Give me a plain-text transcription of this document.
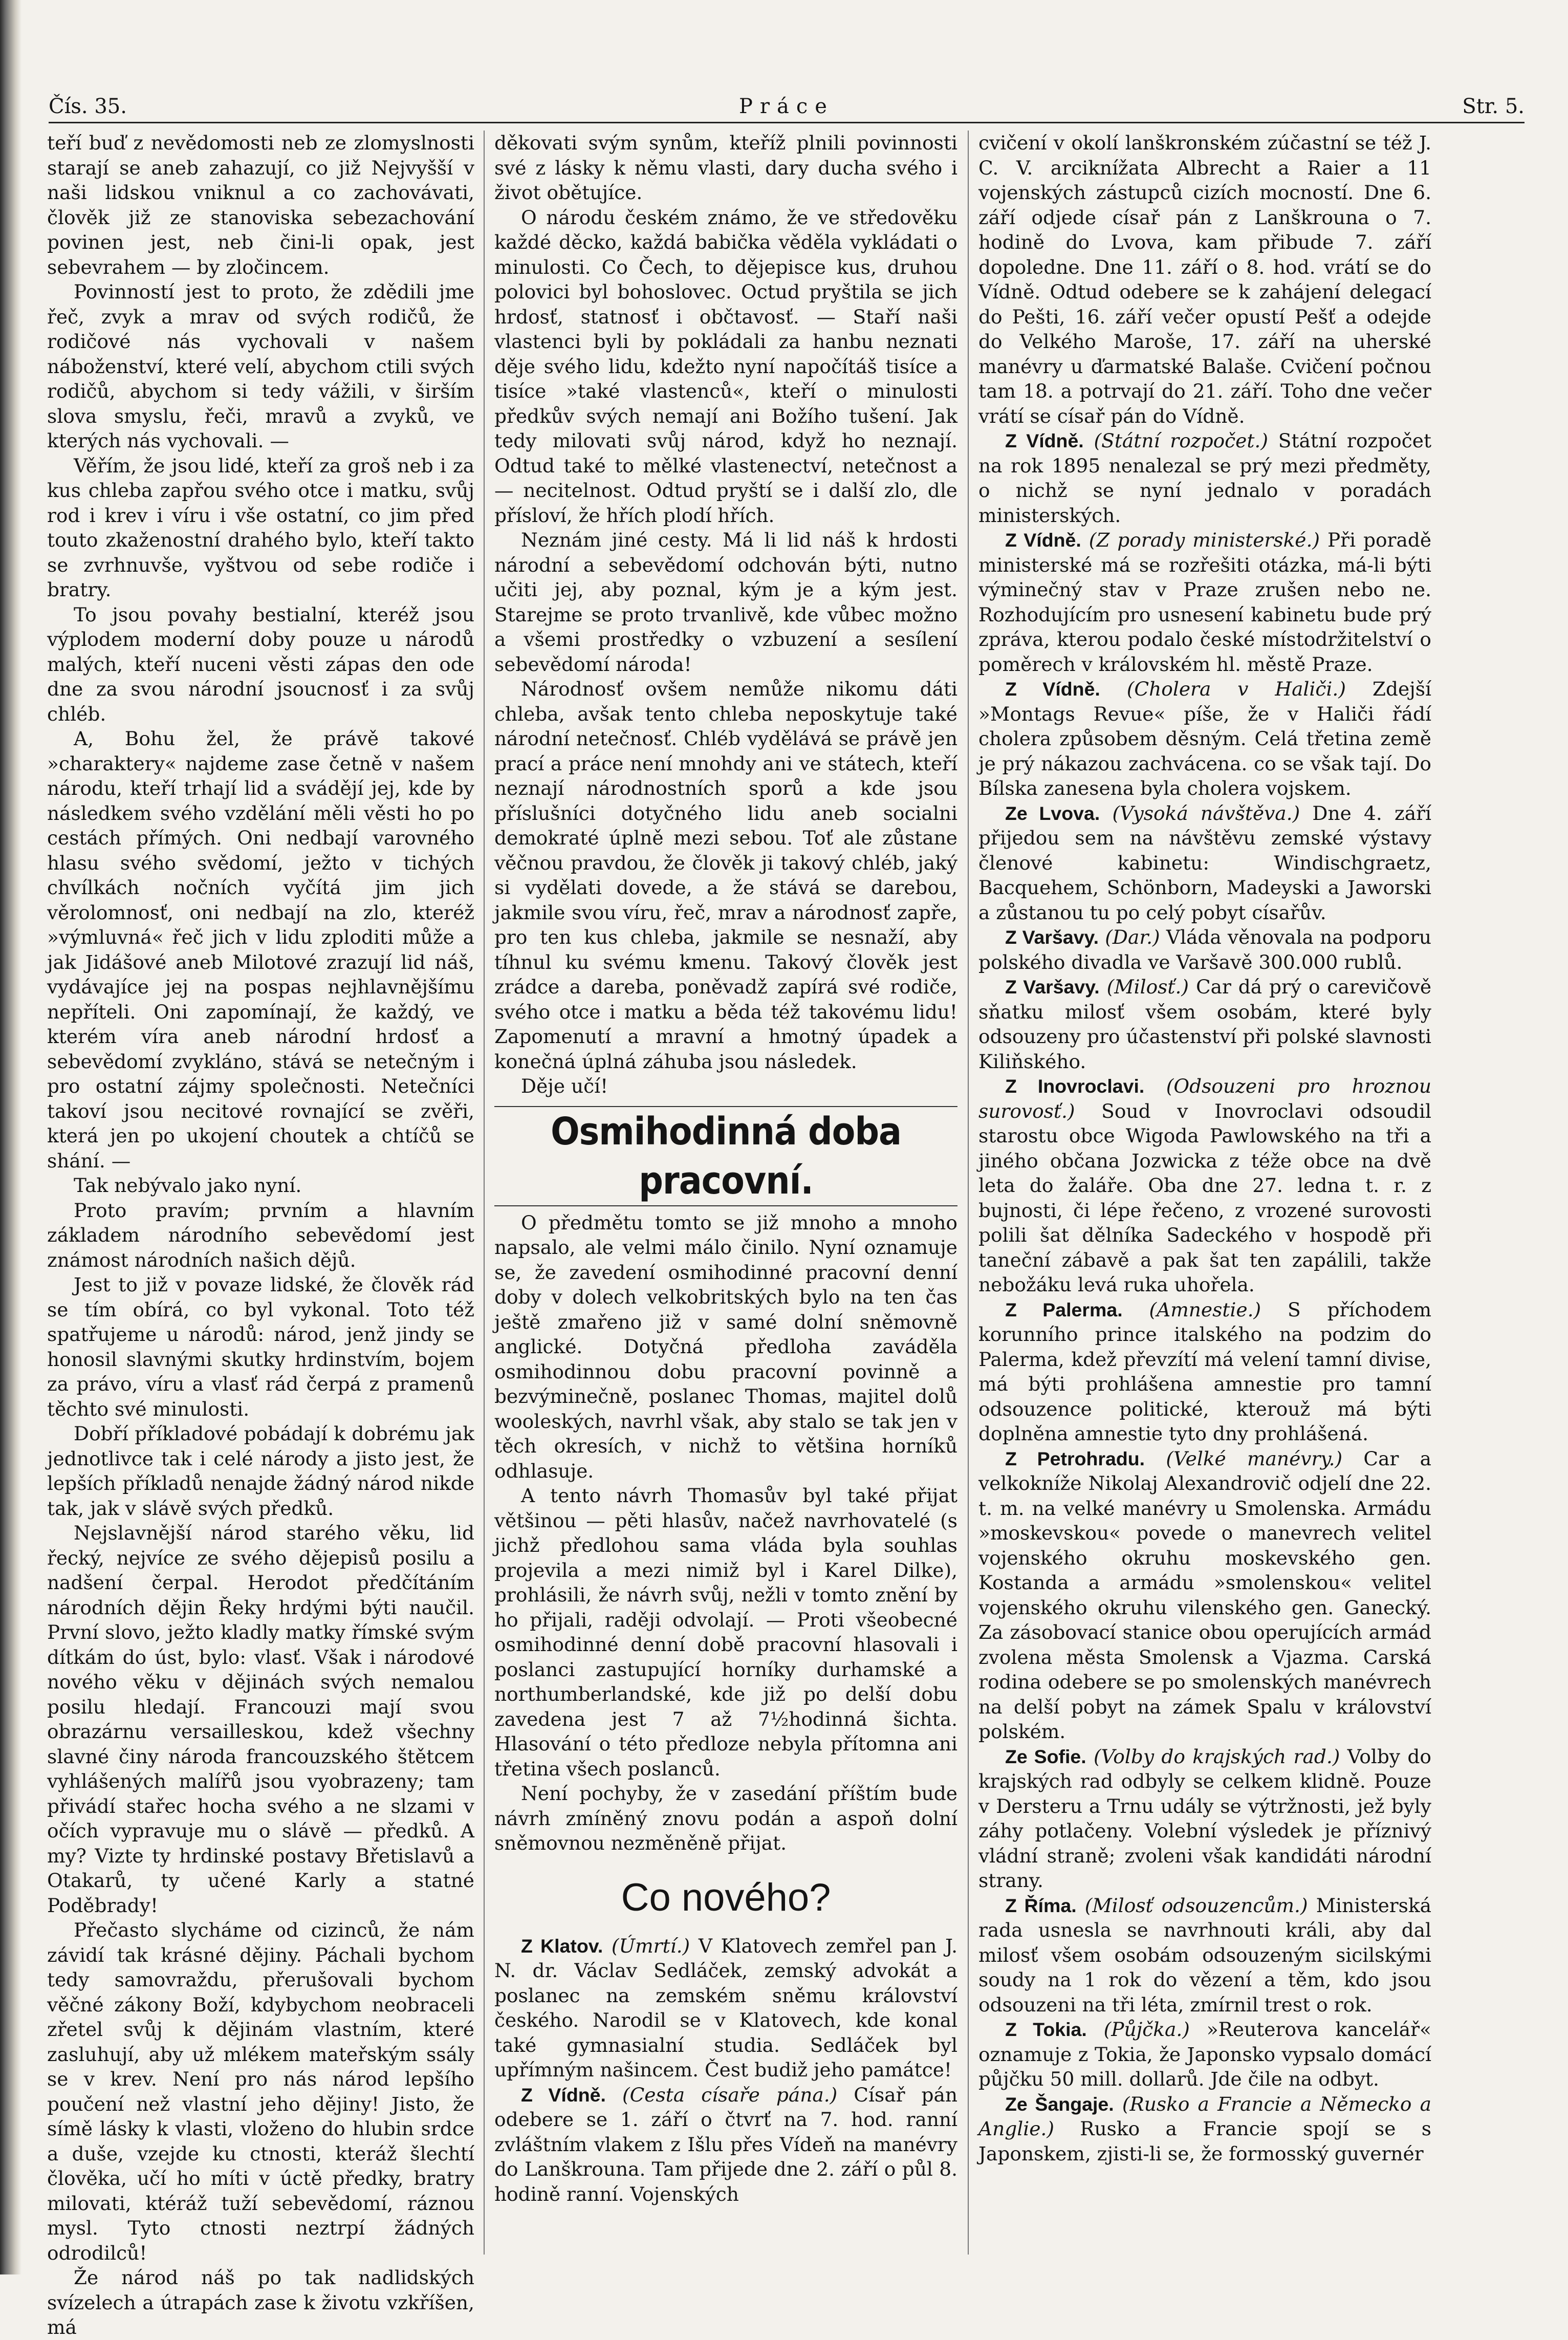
Čís. 35.	Práce	Str. 5.

teří buď z nevědomosti neb ze zlomyslnosti starají se aneb zahazují, co již Nejvyšší v naši lidskou vniknul a co zachovávati, člověk již ze stanoviska sebezachování povinen jest, neb čini-li opak, jest sebevrahem — by zločincem.

Povinností jest to proto, že zdědili jme řeč, zvyk a mrav od svých rodičů, že rodičové nás vychovali v našem náboženství, které velí, abychom ctili svých rodičů, abychom si tedy vážili, v širším slova smyslu, řeči, mravů a zvyků, ve kterých nás vychovali. —

Věřím, že jsou lidé, kteří za groš neb i za kus chleba zapřou svého otce i matku, svůj rod i krev i víru i vše ostatní, co jim před touto zkaženostní drahého bylo, kteří takto se zvrhnuvše, vyštvou od sebe rodiče i bratry.

To jsou povahy bestialní, kteréž jsou výplodem moderní doby pouze u národů malých, kteří nuceni věsti zápas den ode dne za svou národní jsoucnosť i za svůj chléb.

A, Bohu žel, že právě takové »charaktery« najdeme zase četně v našem národu, kteří trhají lid a svádějí jej, kde by následkem svého vzdělání měli věsti ho po cestách přímých. Oni nedbají varovného hlasu svého svědomí, ježto v tichých chvílkách nočních vyčítá jim jich věrolomnosť, oni nedbají na zlo, kteréž »výmluvná« řeč jich v lidu zploditi může a jak Jidášové aneb Milotové zrazují lid náš, vydávajíce jej na pospas nejhlavnějšímu nepříteli. Oni zapomínají, že každý, ve kterém víra aneb národní hrdosť a sebevědomí zvykláno, stává se netečným i pro ostatní zájmy společnosti. Netečníci takoví jsou necitové rovnající se zvěři, která jen po ukojení choutek a chtíčů se shání. —

Tak nebývalo jako nyní.

Proto pravím; prvním a hlavním základem národního sebevědomí jest známost národních našich dějů.

Jest to již v povaze lidské, že člověk rád se tím obírá, co byl vykonal. Toto též spatřujeme u národů: národ, jenž jindy se honosil slavnými skutky hrdinstvím, bojem za právo, víru a vlasť rád čerpá z pramenů těchto své minulosti.

Dobří příkladové pobádají k dobrému jak jednotlivce tak i celé národy a jisto jest, že lepších příkladů nenajde žádný národ nikde tak, jak v slávě svých předků.

Nejslavnější národ starého věku, lid řecký, nejvíce ze svého dějepisů posilu a nadšení čerpal. Herodot předčítáním národních dějin Řeky hrdými býti naučil. První slovo, ježto kladly matky římské svým dítkám do úst, bylo: vlasť. Však i národové nového věku v dějinách svých nemalou posilu hledají. Francouzi mají svou obrazárnu versailleskou, kdež všechny slavné činy národa francouzského štětcem vyhlášených malířů jsou vyobrazeny; tam přivádí stařec hocha svého a ne slzami v očích vypravuje mu o slávě — předků. A my? Vizte ty hrdinské postavy Břetislavů a Otakarů, ty učené Karly a statné Poděbrady!

Přečasto slycháme od cizinců, že nám závidí tak krásné dějiny. Páchali bychom tedy samovraždu, přerušovali bychom věčné zákony Boží, kdybychom neobraceli zřetel svůj k dějinám vlastním, které zasluhují, aby už mlékem mateřským ssály se v krev. Není pro nás národ lepšího poučení než vlastní jeho dějiny! Jisto, že símě lásky k vlasti, vloženo do hlubin srdce a duše, vzejde ku ctnosti, kteráž šlechtí člověka, učí ho míti v úctě předky, bratry milovati, ktéráž tuží sebevědomí, ráznou mysl. Tyto ctnosti neztrpí žádných odrodilců!

Že národ náš po tak nadlidských svízelech a útrapách zase k životu vzkříšen, má

děkovati svým synům, kteříž plnili povinnosti své z lásky k němu vlasti, dary ducha svého i život obětujíce.

O národu českém známo, že ve středověku každé děcko, každá babička věděla vykládati o minulosti. Co Čech, to dějepisce kus, druhou polovici byl bohoslovec. Octud pryštila se jich hrdosť, statnosť i občtavosť. — Staří naši vlastenci byli by pokládali za hanbu neznati děje svého lidu, kdežto nyní napočítáš tisíce a tisíce »také vlastenců«, kteří o minulosti předkův svých nemají ani Božího tušení. Jak tedy milovati svůj národ, když ho neznají. Odtud také to mělké vlastenectví, netečnost a — necitelnost. Odtud pryští se i další zlo, dle přísloví, že hřích plodí hřích.

Neznám jiné cesty. Má li lid náš k hrdosti národní a sebevědomí odchován býti, nutno učiti jej, aby poznal, kým je a kým jest. Starejme se proto trvanlivě, kde vůbec možno a všemi prostředky o vzbuzení a sesílení sebevědomí národa!

Národnosť ovšem nemůže nikomu dáti chleba, avšak tento chleba neposkytuje také národní netečnosť. Chléb vydělává se právě jen prací a práce není mnohdy ani ve státech, kteří neznají národnostních sporů a kde jsou příslušníci dotyčného lidu aneb socialni demokraté úplně mezi sebou. Toť ale zůstane věčnou pravdou, že člověk ji takový chléb, jaký si vydělati dovede, a že stává se darebou, jakmile svou víru, řeč, mrav a národnosť zapře, pro ten kus chleba, jakmile se nesnaží, aby tíhnul ku svému kmenu. Takový člověk jest zrádce a dareba, poněvadž zapírá své rodiče, svého otce i matku a běda též takovému lidu! Zapomenutí a mravní a hmotný úpadek a konečná úplná záhuba jsou následek.

Děje učí!

Osmihodinná doba pracovní.

O předmětu tomto se již mnoho a mnoho napsalo, ale velmi málo činilo. Nyní oznamuje se, že zavedení osmihodinné pracovní denní doby v dolech velkobritských bylo na ten čas ještě zmařeno již v samé dolní sněmovně anglické. Dotyčná předloha zaváděla osmihodinnou dobu pracovní povinně a bezvýminečně, poslanec Thomas, majitel dolů wooleských, navrhl však, aby stalo se tak jen v těch okresích, v nichž to většina horníků odhlasuje.

A tento návrh Thomasův byl také přijat většinou — pěti hlasův, načež navrhovatelé (s jichž předlohou sama vláda byla souhlas projevila a mezi nimiž byl i Karel Dilke), prohlásili, že návrh svůj, nežli v tomto znění by ho přijali, raději odvolají. — Proti všeobecné osmihodinné denní době pracovní hlasovali i poslanci zastupující horníky durhamské a northumberlandské, kde již po delší dobu zavedena jest 7 až 7½hodinná šichta. Hlasování o této předloze nebyla přítomna ani třetina všech poslanců.

Není pochyby, že v zasedání příštím bude návrh zmíněný znovu podán a aspoň dolní sněmovnou nezměněně přijat.

Co nového?

Z Klatov. (Úmrtí.) V Klatovech zemřel pan J. N. dr. Václav Sedláček, zemský advokát a poslanec na zemském sněmu království českého. Narodil se v Klatovech, kde konal také gymnasialní studia. Sedláček byl upřímným našincem. Čest budiž jeho památce!

Z Vídně. (Cesta císaře pána.) Císař pán odebere se 1. září o čtvrť na 7. hod. ranní zvláštním vlakem z Išlu přes Vídeň na manévry do Lanškrouna. Tam přijede dne 2. září o půl 8. hodině ranní. Vojenských

cvičení v okolí lanškronském zúčastní se též J. C. V. arciknížata Albrecht a Raier a 11 vojenských zástupců cizích mocností. Dne 6. září odjede císař pán z Lanškrouna o 7. hodině do Lvova, kam přibude 7. září dopoledne. Dne 11. září o 8. hod. vrátí se do Vídně. Odtud odebere se k zahájení delegací do Pešti, 16. září večer opustí Pešť a odejde do Velkého Maroše, 17. září na uherské manévry u ďarmatské Balaše. Cvičení počnou tam 18. a potrvají do 21. září. Toho dne večer vrátí se císař pán do Vídně.

Z Vídně. (Státní rozpočet.) Státní rozpočet na rok 1895 nenalezal se prý mezi předměty, o nichž se nyní jednalo v poradách ministerských.

Z Vídně. (Z porady ministerské.) Při poradě ministerské má se rozřešiti otázka, má-li býti výminečný stav v Praze zrušen nebo ne. Rozhodujícím pro usnesení kabinetu bude prý zpráva, kterou podalo české místodržitelství o poměrech v královském hl. městě Praze.

Z Vídně. (Cholera v Haliči.) Zdejší »Montags Revue« píše, že v Haliči řádí cholera způsobem děsným. Celá třetina země je prý nákazou zachvácena. co se však tají. Do Bílska zanesena byla cholera vojskem.

Ze Lvova. (Vysoká návštěva.) Dne 4. září přijedou sem na návštěvu zemské výstavy členové kabinetu: Windischgraetz, Bacquehem, Schönborn, Madeyski a Jaworski a zůstanou tu po celý pobyt císařův.

Z Varšavy. (Dar.) Vláda věnovala na podporu polského divadla ve Varšavě 300.000 rublů.

Z Varšavy. (Milosť.) Car dá prý o carevičově sňatku milosť všem osobám, které byly odsouzeny pro účastenství při polské slavnosti Kiliňského.

Z Inovroclavi. (Odsouzeni pro hroznou surovosť.) Soud v Inovroclavi odsoudil starostu obce Wigoda Pawlowského na tři a jiného občana Jozwicka z téže obce na dvě leta do žaláře. Oba dne 27. ledna t. r. z bujnosti, či lépe řečeno, z vrozené surovosti polili šat dělníka Sadeckého v hospodě při taneční zábavě a pak šat ten zapálili, takže nebožáku levá ruka uhořela.

Z Palerma. (Amnestie.) S příchodem korunního prince italského na podzim do Palerma, kdež převzítí má velení tamní divise, má býti prohlášena amnestie pro tamní odsouzence politické, kterouž má býti doplněna amnestie tyto dny prohlášená.

Z Petrohradu. (Velké manévry.) Car a velkokníže Nikolaj Alexandrovič odjelí dne 22. t. m. na velké manévry u Smolenska. Armádu »moskevskou« povede o manevrech velitel vojenského okruhu moskevského gen. Kostanda a armádu »smolenskou« velitel vojenského okruhu vilenského gen. Ganecký. Za zásobovací stanice obou operujících armád zvolena města Smolensk a Vjazma. Carská rodina odebere se po smolenských manévrech na delší pobyt na zámek Spalu v království polském.

Ze Sofie. (Volby do krajských rad.) Volby do krajských rad odbyly se celkem klidně. Pouze v Dersteru a Trnu udály se výtržnosti, jež byly záhy potlačeny. Volební výsledek je příznivý vládní straně; zvoleni však kandidáti národní strany.

Z Říma. (Milosť odsouzencům.) Ministerská rada usnesla se navrhnouti králi, aby dal milosť všem osobám odsouzeným sicilskými soudy na 1 rok do vězení a těm, kdo jsou odsouzeni na tři léta, zmírnil trest o rok.

Z Tokia. (Půjčka.) »Reuterova kancelář« oznamuje z Tokia, že Japonsko vypsalo domácí půjčku 50 mill. dollarů. Jde čile na odbyt.

Ze Šangaje. (Rusko a Francie a Německo a Anglie.) Rusko a Francie spojí se s Japonskem, zjisti-li se, že formosský guvernér
